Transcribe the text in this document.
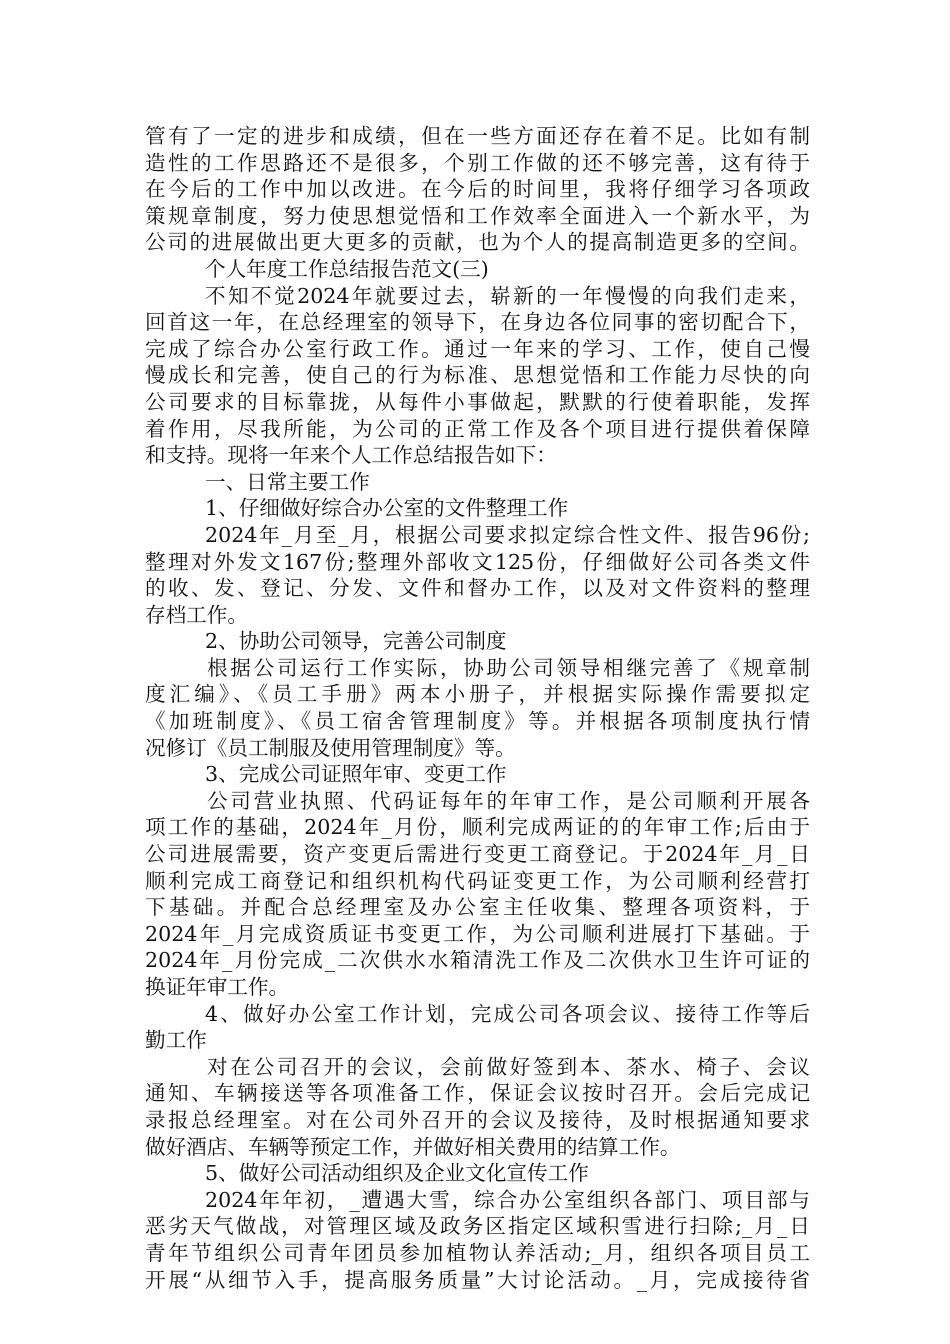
管有了一定的进步和成绩，但在一些方面还存在着不足。比如有制
造性的工作思路还不是很多，个别工作做的还不够完善，这有待于
在今后的工作中加以改进。在今后的时间里，我将仔细学习各项政
策规章制度，努力使思想觉悟和工作效率全面进入一个新水平，为
公司的进展做出更大更多的贡献，也为个人的提高制造更多的空间。
个人年度工作总结报告范文(三)
不知不觉2024年就要过去，崭新的一年慢慢的向我们走来，
回首这一年，在总经理室的领导下，在身边各位同事的密切配合下，
完成了综合办公室行政工作。通过一年来的学习、工作，使自己慢
慢成长和完善，使自己的行为标准、思想觉悟和工作能力尽快的向
公司要求的目标靠拢，从每件小事做起，默默的行使着职能，发挥
着作用，尽我所能，为公司的正常工作及各个项目进行提供着保障
和支持。现将一年来个人工作总结报告如下：
一、日常主要工作
1、仔细做好综合办公室的文件整理工作
2024年_月至_月，根据公司要求拟定综合性文件、报告96份;
整理对外发文167份;整理外部收文125份，仔细做好公司各类文件
的收、发、登记、分发、文件和督办工作，以及对文件资料的整理
存档工作。
2、协助公司领导，完善公司制度
根据公司运行工作实际，协助公司领导相继完善了《规章制
度汇编》、《员工手册》两本小册子，并根据实际操作需要拟定
《加班制度》、《员工宿舍管理制度》等。并根据各项制度执行情
况修订《员工制服及使用管理制度》等。
3、完成公司证照年审、变更工作
公司营业执照、代码证每年的年审工作，是公司顺利开展各
项工作的基础，2024年_月份，顺利完成两证的的年审工作;后由于
公司进展需要，资产变更后需进行变更工商登记。于2024年_月_日
顺利完成工商登记和组织机构代码证变更工作，为公司顺利经营打
下基础。并配合总经理室及办公室主任收集、整理各项资料，于
2024年_月完成资质证书变更工作，为公司顺利进展打下基础。于
2024年_月份完成_二次供水水箱清洗工作及二次供水卫生许可证的
换证年审工作。
4、做好办公室工作计划，完成公司各项会议、接待工作等后
勤工作
对在公司召开的会议，会前做好签到本、茶水、椅子、会议
通知、车辆接送等各项准备工作，保证会议按时召开。会后完成记
录报总经理室。对在公司外召开的会议及接待，及时根据通知要求
做好酒店、车辆等预定工作，并做好相关费用的结算工作。
5、做好公司活动组织及企业文化宣传工作
2024年年初，_遭遇大雪，综合办公室组织各部门、项目部与
恶劣天气做战，对管理区域及政务区指定区域积雪进行扫除;_月_日
青年节组织公司青年团员参加植物认养活动;_月，组织各项目员工
开展“从细节入手，提高服务质量”大讨论活动。_月，完成接待省
